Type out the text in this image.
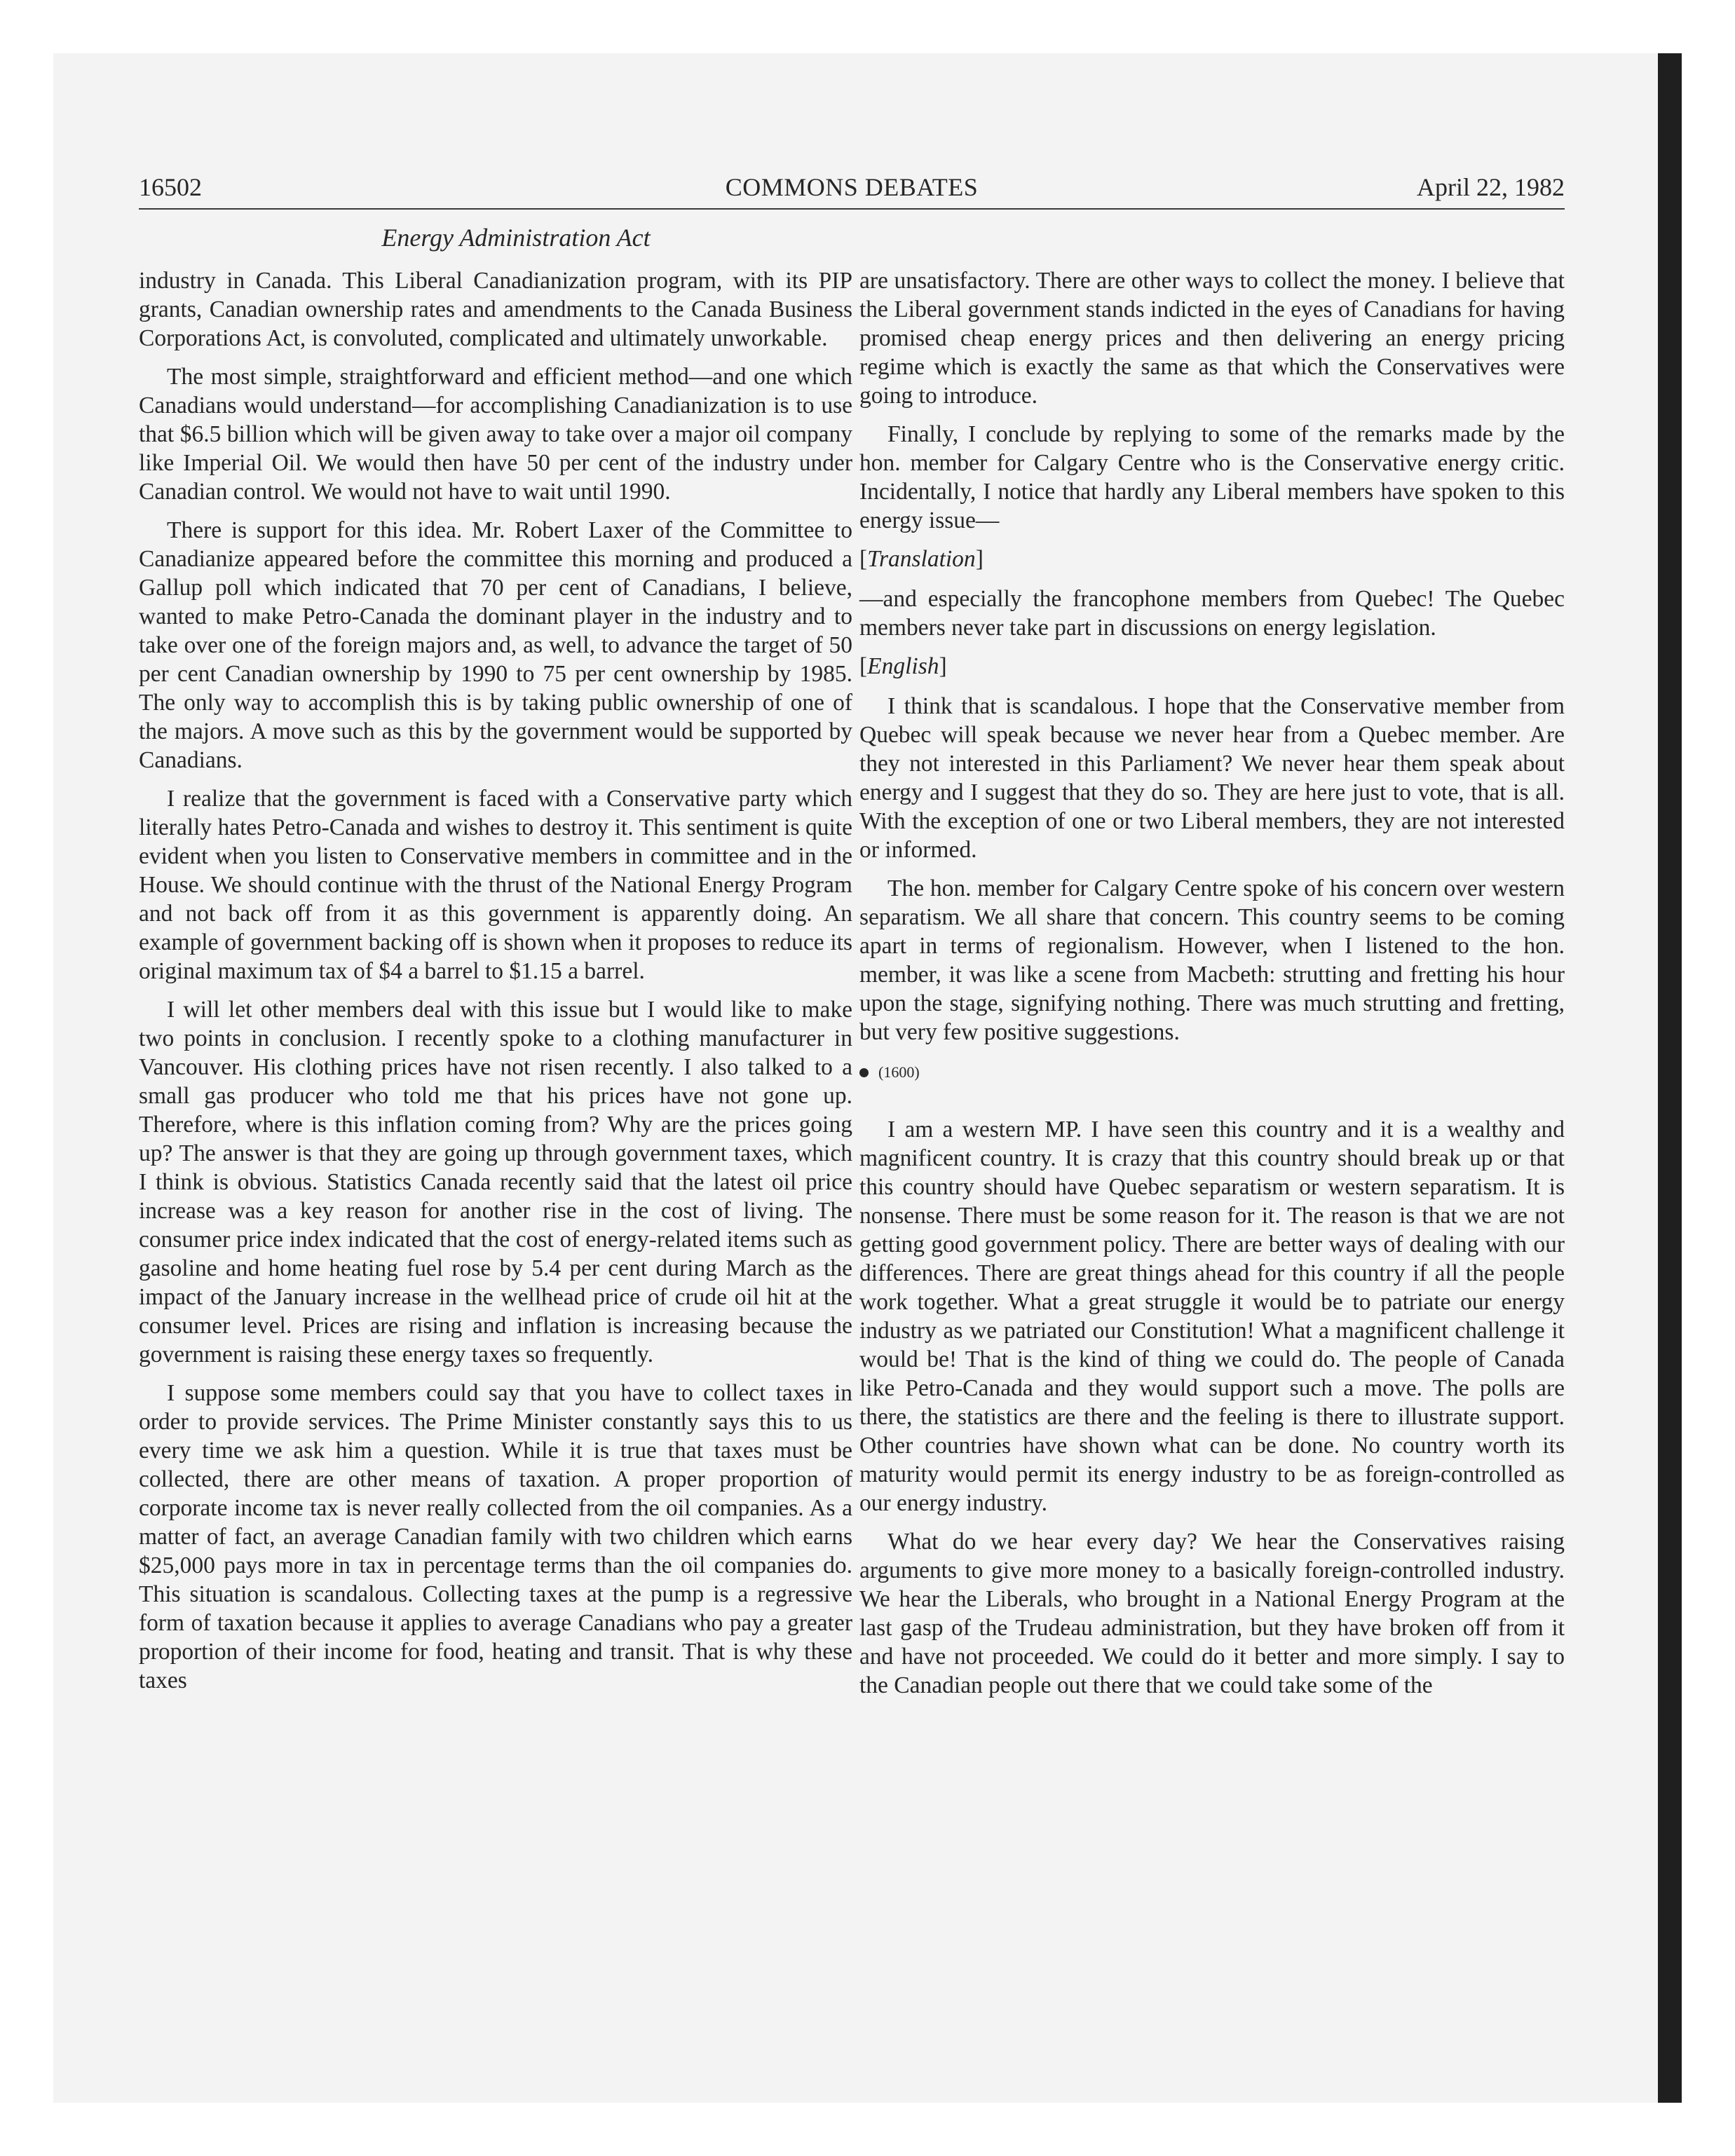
16502	COMMONS DEBATES	April 22, 1982
Energy Administration Act

industry in Canada. This Liberal Canadianization program, with its PIP grants, Canadian ownership rates and amendments to the Canada Business Corporations Act, is convoluted, complicated and ultimately unworkable.

The most simple, straightforward and efficient method—and one which Canadians would understand—for accomplishing Canadianization is to use that $6.5 billion which will be given away to take over a major oil company like Imperial Oil. We would then have 50 per cent of the industry under Canadian control. We would not have to wait until 1990.

There is support for this idea. Mr. Robert Laxer of the Committee to Canadianize appeared before the committee this morning and produced a Gallup poll which indicated that 70 per cent of Canadians, I believe, wanted to make Petro-Canada the dominant player in the industry and to take over one of the foreign majors and, as well, to advance the target of 50 per cent Canadian ownership by 1990 to 75 per cent ownership by 1985. The only way to accomplish this is by taking public ownership of one of the majors. A move such as this by the government would be supported by Canadians.

I realize that the government is faced with a Conservative party which literally hates Petro-Canada and wishes to destroy it. This sentiment is quite evident when you listen to Conservative members in committee and in the House. We should continue with the thrust of the National Energy Program and not back off from it as this government is apparently doing. An example of government backing off is shown when it proposes to reduce its original maximum tax of $4 a barrel to $1.15 a barrel.

I will let other members deal with this issue but I would like to make two points in conclusion. I recently spoke to a clothing manufacturer in Vancouver. His clothing prices have not risen recently. I also talked to a small gas producer who told me that his prices have not gone up. Therefore, where is this inflation coming from? Why are the prices going up? The answer is that they are going up through government taxes, which I think is obvious. Statistics Canada recently said that the latest oil price increase was a key reason for another rise in the cost of living. The consumer price index indicated that the cost of energy-related items such as gasoline and home heating fuel rose by 5.4 per cent during March as the impact of the January increase in the wellhead price of crude oil hit at the consumer level. Prices are rising and inflation is increasing because the government is raising these energy taxes so frequently.

I suppose some members could say that you have to collect taxes in order to provide services. The Prime Minister constantly says this to us every time we ask him a question. While it is true that taxes must be collected, there are other means of taxation. A proper proportion of corporate income tax is never really collected from the oil companies. As a matter of fact, an average Canadian family with two children which earns $25,000 pays more in tax in percentage terms than the oil companies do. This situation is scandalous. Collecting taxes at the pump is a regressive form of taxation because it applies to average Canadians who pay a greater proportion of their income for food, heating and transit. That is why these taxes

are unsatisfactory. There are other ways to collect the money. I believe that the Liberal government stands indicted in the eyes of Canadians for having promised cheap energy prices and then delivering an energy pricing regime which is exactly the same as that which the Conservatives were going to introduce.

Finally, I conclude by replying to some of the remarks made by the hon. member for Calgary Centre who is the Conservative energy critic. Incidentally, I notice that hardly any Liberal members have spoken to this energy issue—

[Translation]

—and especially the francophone members from Quebec! The Quebec members never take part in discussions on energy legislation.

[English]

I think that is scandalous. I hope that the Conservative member from Quebec will speak because we never hear from a Quebec member. Are they not interested in this Parliament? We never hear them speak about energy and I suggest that they do so. They are here just to vote, that is all. With the exception of one or two Liberal members, they are not interested or informed.

The hon. member for Calgary Centre spoke of his concern over western separatism. We all share that concern. This country seems to be coming apart in terms of regionalism. However, when I listened to the hon. member, it was like a scene from Macbeth: strutting and fretting his hour upon the stage, signifying nothing. There was much strutting and fretting, but very few positive suggestions.

(1600)

I am a western MP. I have seen this country and it is a wealthy and magnificent country. It is crazy that this country should break up or that this country should have Quebec separatism or western separatism. It is nonsense. There must be some reason for it. The reason is that we are not getting good government policy. There are better ways of dealing with our differences. There are great things ahead for this country if all the people work together. What a great struggle it would be to patriate our energy industry as we patriated our Constitution! What a magnificent challenge it would be! That is the kind of thing we could do. The people of Canada like Petro-Canada and they would support such a move. The polls are there, the statistics are there and the feeling is there to illustrate support. Other countries have shown what can be done. No country worth its maturity would permit its energy industry to be as foreign-controlled as our energy industry.

What do we hear every day? We hear the Conservatives raising arguments to give more money to a basically foreign-controlled industry. We hear the Liberals, who brought in a National Energy Program at the last gasp of the Trudeau administration, but they have broken off from it and have not proceeded. We could do it better and more simply. I say to the Canadian people out there that we could take some of the
